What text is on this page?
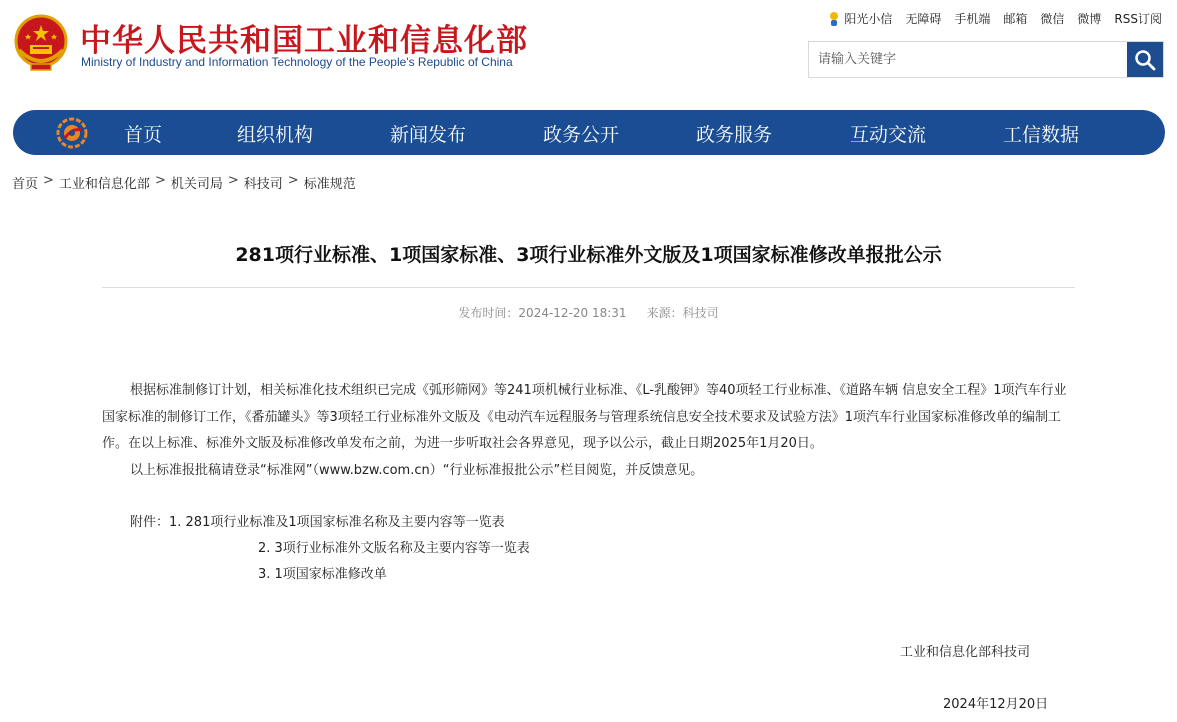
中华人民共和国工业和信息化部
Ministry of Industry and Information Technology of the People's Republic of China
阳光小信 无障碍 手机端 邮箱 微信 微博 RSS订阅
请输入关键字
首页	组织机构	新闻发布	政务公开	政务服务	互动交流	工信数据
首页 > 工业和信息化部 > 机关司局 > 科技司 > 标准规范
281项行业标准、1项国家标准、3项行业标准外文版及1项国家标准修改单报批公示
发布时间：2024-12-20 18:31 来源：科技司

根据标准制修订计划，相关标准化技术组织已完成《弧形筛网》等241项机械行业标准、《L-乳酸钾》等40项轻工行业标准、《道路车辆 信息安全工程》1项汽车行业国家标准的制修订工作，《番茄罐头》等3项轻工行业标准外文版及《电动汽车远程服务与管理系统信息安全技术要求及试验方法》1项汽车行业国家标准修改单的编制工作。在以上标准、标准外文版及标准修改单发布之前，为进一步听取社会各界意见，现予以公示，截止日期2025年1月20日。

以上标准报批稿请登录“标准网”（www.bzw.com.cn）“行业标准报批公示”栏目阅览，并反馈意见。

附件：1. 281项行业标准及1项国家标准名称及主要内容等一览表
2. 3项行业标准外文版名称及主要内容等一览表
3. 1项国家标准修改单
工业和信息化部科技司
2024年12月20日
